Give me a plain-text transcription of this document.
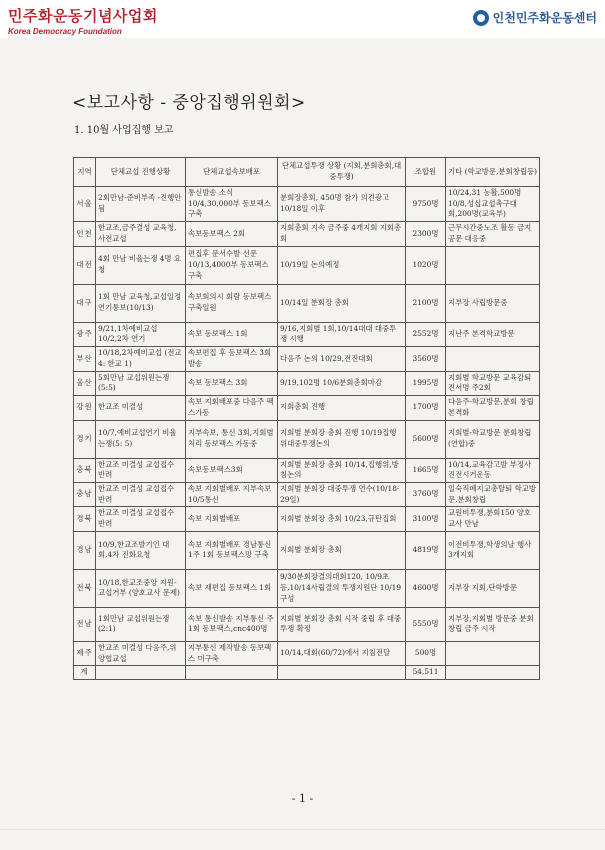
민주화운동기념사업회
Korea Democracy Foundation
인천민주화운동센터
<보고사항 - 중앙집행위원회>
1. 10월 사업집행 보고
지역	단체교섭 진행상황	단체교섭속보배포	단체교섭투쟁 상황 (지회,분회총회,대중투쟁)	조합원	기타 (학교방문,분회창립등)
서울	2회만남-준비부족 -진행안됨	통신발송 소식10/4,30,000부 동보팩스구축	분회장총회, 450명 참가 의견광고 10/18일 이후	9750명	10/24,31 농활,500명 10/8,성십교섭촉구대회,200명(교육부)
인천	한교조,금주결성 교육청,사전교섭	속보동보팩스 2회	지회총회 지속 금주중 4개지회 지회총회	2300명	근무시간중노조 활동 금지 공문 대응중
대전	4회 만남 비율는쟁 4명 요청	편집후 문서수발 선문10/13,4000부 동보팩스구축	10/19일 논의예정	1020명	
대구	1회 만남 교육청,교섭일정 연기통보(10/13)	속보회의시 회람 동보팩스구축일원	10/14일 분회장 총회	2100명	지부장 사립방문중
광주	9/21,1차예비교섭 10/2,2차 연기	속보 동보팩스 1회	9/16,지회별 1회,10/14대대 대중투쟁 시행	2552명	지난주 본격학교방문
부산	10/18,2차예비교섭 (전교 4: 한교 1)	속보편집 후 동보팩스 3회발송	다음주 논의 10/29,전진대회	3560명	
울산	5회만남 교섭위원는쟁(5:5)	속보 동보팩스 3회	9/19,102명 10/6분회총회마감	1995명	지회별 학교방문 교육감퇴진서명 주2회
강원	한교조 미결성	속보 지회배포중 다음주 팩스가동	지회총회 진행	1700명	다음주-학교방문,분회 창립 본격화
경기	10/7,예비교섭연기 비율는쟁(5: 5)	지부속보, 통신 3회,지회별 처리 동보팩스 가동중	지회별 분회장 총회 진행 10/19집행위대중투쟁논의	5600명	지회별-학교방문 분회창립(연합)중
충북	한교조 미결성 교섭접수 반려	속보동보팩스3회	지회별 분회장 총회 10/14,집행위,방침논의	1665명	10/14,교육감고발 부정사진전시거운동
충남	한교조 미결성 교섭접수 반려	속보 지회별배포 지부속보10/5통신	지회별 분회장 대중투쟁 연수(10/18-29일)	3760명	일숙직폐지교총탈퇴 학교방문,분회창립
경북	한교조 미결성 교섭접수 반려	속보 지회별배포	지회별 분회장 총회 10/23,규탄집회	3100명	교원비투쟁,분회150 양호교사 만남
경남	10/9,한교조발기인 대회,4차 진화요청	속보 지회별배포 경남통신 1주 1회 동보팩스망 구축	지회별 분회장 총회	4819명	이전비투쟁,학생의날 행사 3개지회
전북	10/18,한교조중앙 지원-교섭거부 (양호교사 문제)	속보 재편집 동보팩스 1회	9/30분회장결의대회120, 10/9초등,10/14사립결의 투쟁지원단 10/19구성	4600명	지부장 지회,단학방문
전남	1회만남 교섭위원는쟁(2:1)	속보 통신발송 지부통신 주1회 동보팩스,cnc400명	지회별 분회장 총회 시작 중립 후 대중투쟁 확정	5550명	지부장,지회별 방문중 분회창립 금주 시작
제주	한교조 미결성 다음주,위양협교섭	지부통신 제작발송 동보팩스 미구축	10/14,대회(60/72)에서 지침전달	500명	
계				54,511	
- 1 -
